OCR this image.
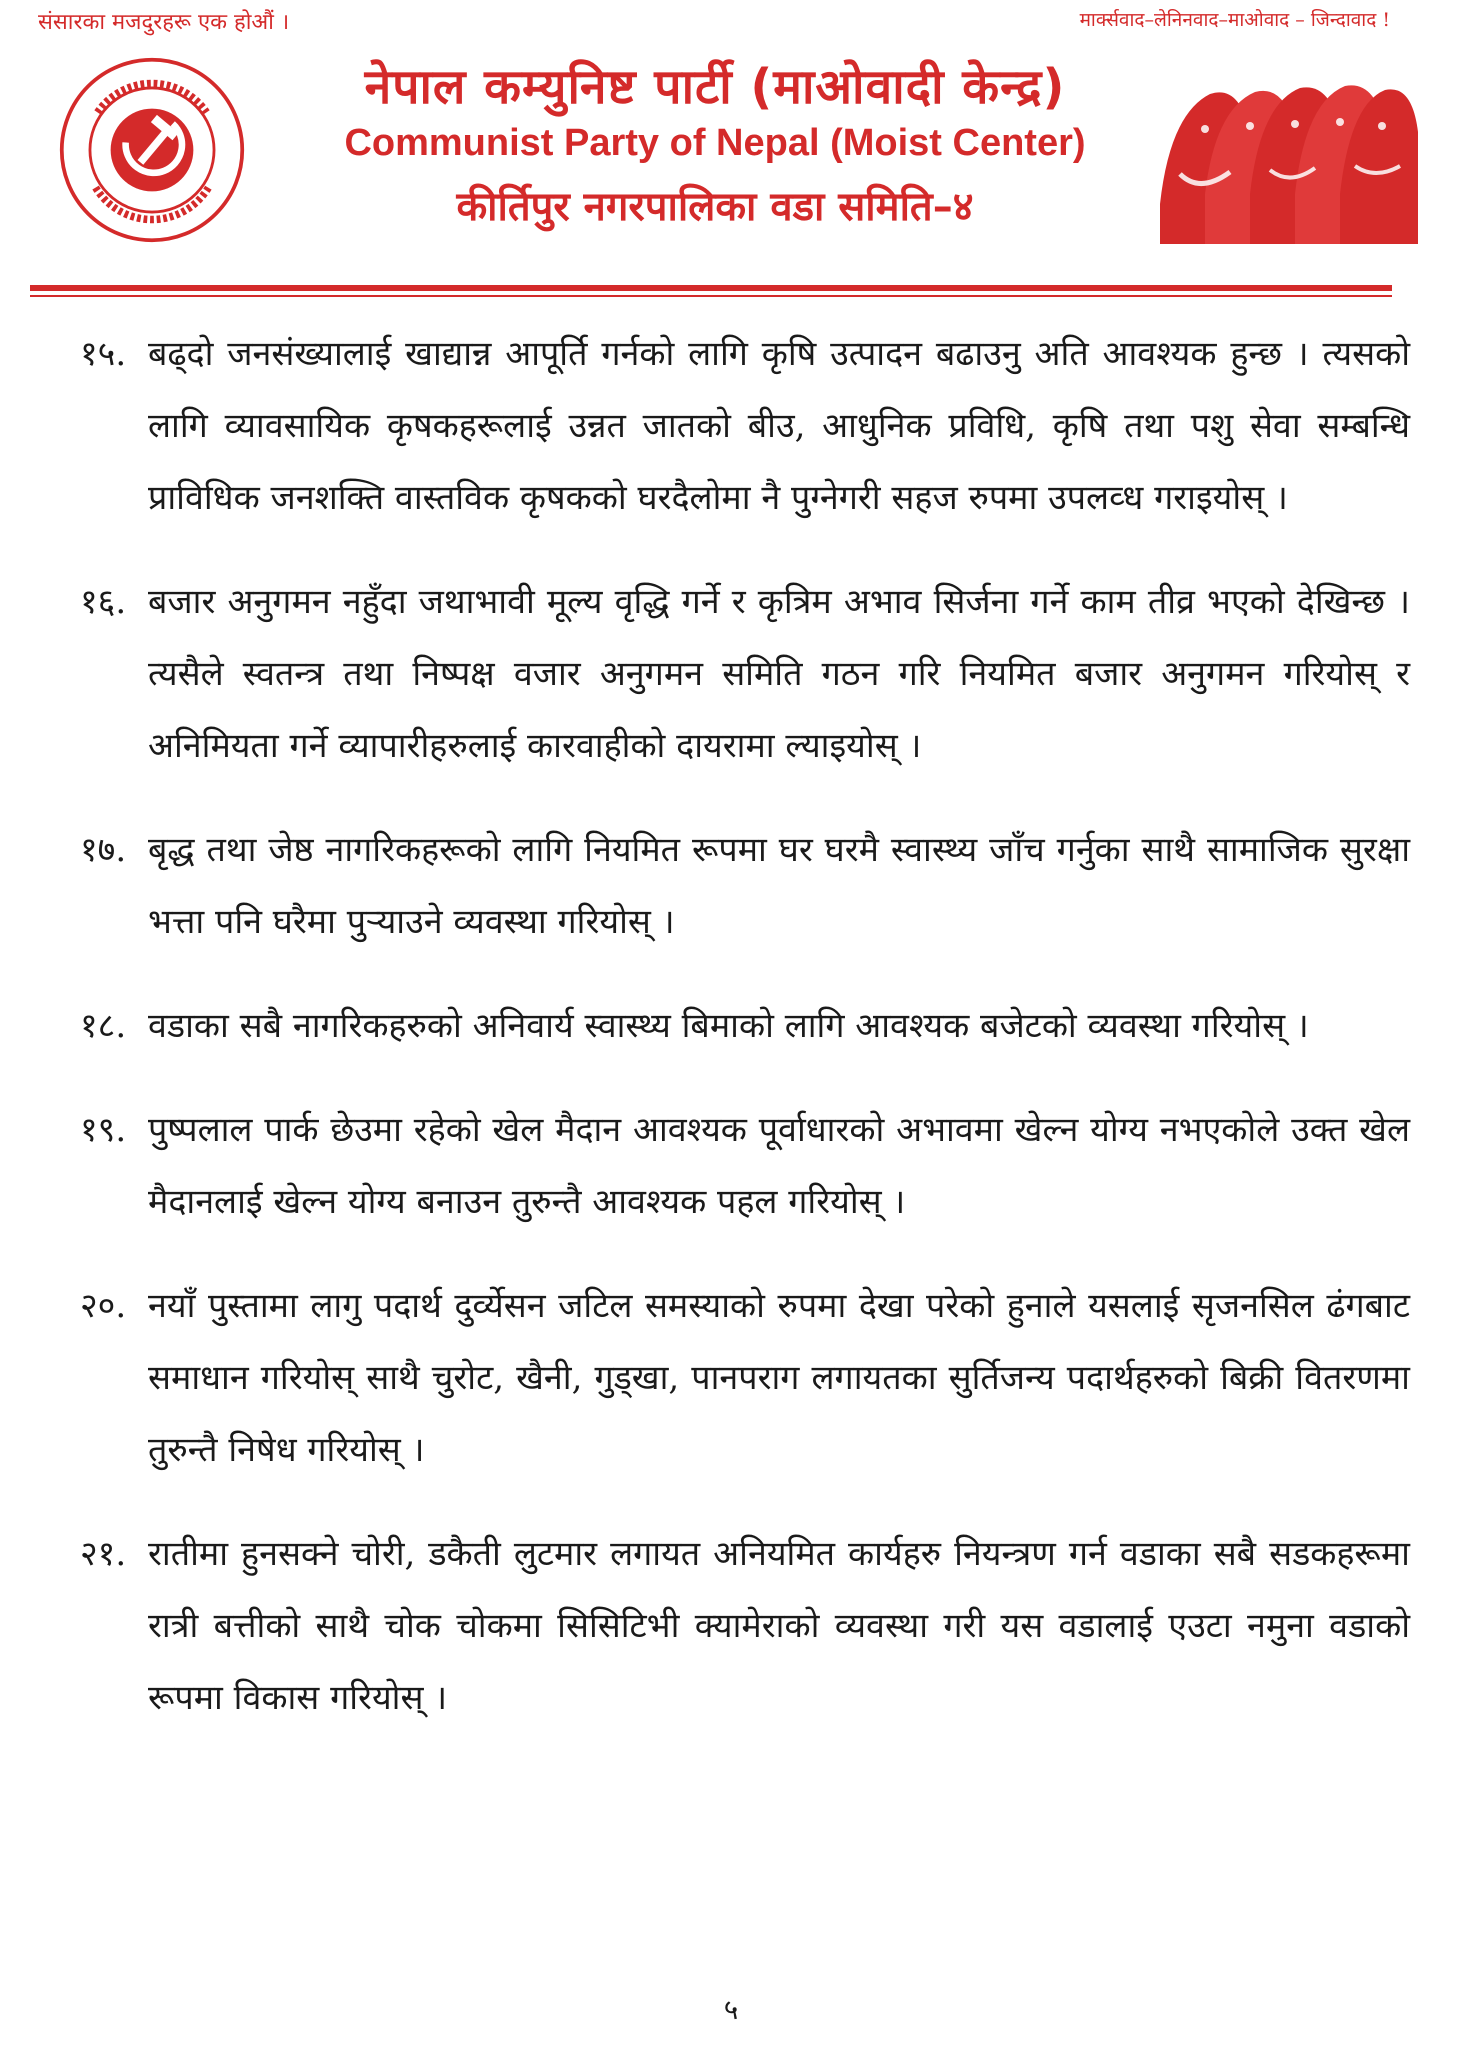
संसारका मजदुरहरू एक होऔं ।	मार्क्सवाद–लेनिनवाद–माओवाद – जिन्दावाद !
नेपाल कम्युनिष्ट पार्टी (माओवादी केन्द्र)
Communist Party of Nepal (Moist Center)
कीर्तिपुर नगरपालिका वडा समिति–४
१५. बढ्दो जनसंख्यालाई खाद्यान्न आपूर्ति गर्नको लागि कृषि उत्पादन बढाउनु अति आवश्यक हुन्छ । त्यसको लागि व्यावसायिक कृषकहरूलाई उन्नत जातको बीउ, आधुनिक प्रविधि, कृषि तथा पशु सेवा सम्बन्धि प्राविधिक जनशक्ति वास्तविक कृषकको घरदैलोमा नै पुग्नेगरी सहज रुपमा उपलव्ध गराइयोस् ।
१६. बजार अनुगमन नहुँदा जथाभावी मूल्य वृद्धि गर्ने र कृत्रिम अभाव सिर्जना गर्ने काम तीव्र भएको देखिन्छ । त्यसैले स्वतन्त्र तथा निष्पक्ष वजार अनुगमन समिति गठन गरि नियमित बजार अनुगमन गरियोस् र अनिमियता गर्ने व्यापारीहरुलाई कारवाहीको दायरामा ल्याइयोस् ।
१७. बृद्ध तथा जेष्ठ नागरिकहरूको लागि नियमित रूपमा घर घरमै स्वास्थ्य जाँच गर्नुका साथै सामाजिक सुरक्षा भत्ता पनि घरैमा पुर्‍याउने व्यवस्था गरियोस् ।
१८. वडाका सबै नागरिकहरुको अनिवार्य स्वास्थ्य बिमाको लागि आवश्यक बजेटको व्यवस्था गरियोस् ।
१९. पुष्पलाल पार्क छेउमा रहेको खेल मैदान आवश्यक पूर्वाधारको अभावमा खेल्न योग्य नभएकोले उक्त खेल मैदानलाई खेल्न योग्य बनाउन तुरुन्तै आवश्यक पहल गरियोस् ।
२०. नयाँ पुस्तामा लागु पदार्थ दुर्व्येसन जटिल समस्याको रुपमा देखा परेको हुनाले यसलाई सृजनसिल ढंगबाट समाधान गरियोस् साथै चुरोट, खैनी, गुड्खा, पानपराग लगायतका सुर्तिजन्य पदार्थहरुको बिक्री वितरणमा तुरुन्तै निषेध गरियोस् ।
२१. रातीमा हुनसक्ने चोरी, डकैती लुटमार लगायत अनियमित कार्यहरु नियन्त्रण गर्न वडाका सबै सडकहरूमा रात्री बत्तीको साथै चोक चोकमा सिसिटिभी क्यामेराको व्यवस्था गरी यस वडालाई एउटा नमुना वडाको रूपमा विकास गरियोस् ।
५
